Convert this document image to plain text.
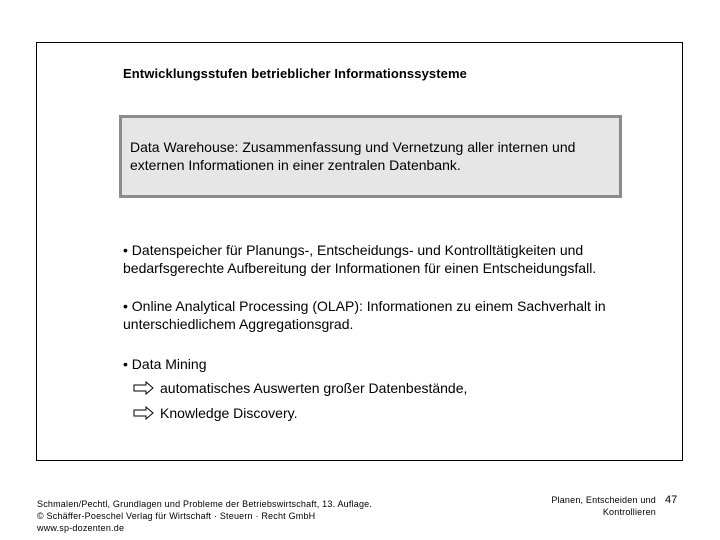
Entwicklungsstufen betrieblicher Informationssysteme
Data Warehouse: Zusammenfassung und Vernetzung aller internen und externen Informationen in einer zentralen Datenbank.
• Datenspeicher für Planungs-, Entscheidungs- und Kontrolltätigkeiten und bedarfsgerechte Aufbereitung der Informationen für einen Entscheidungsfall.
• Online Analytical Processing (OLAP): Informationen zu einem Sachverhalt in unterschiedlichem Aggregationsgrad.
• Data Mining
automatisches Auswerten großer Datenbestände,
Knowledge Discovery.
Schmalen/Pechtl, Grundlagen und Probleme der Betriebswirtschaft, 13. Auflage.
© Schäffer-Poeschel Verlag für Wirtschaft · Steuern · Recht GmbH
www.sp-dozenten.de
Planen, Entscheiden und
Kontrollieren
47
